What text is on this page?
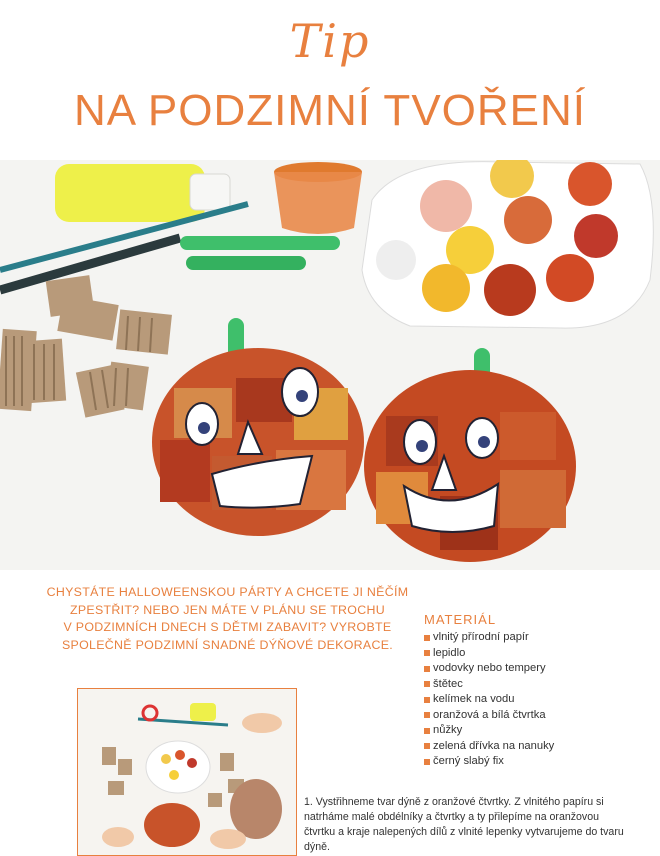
Tip
NA PODZIMNÍ TVOŘENÍ

CHYSTÁTE HALLOWEENSKOU PÁRTY A CHCETE JI NĚČÍM

ZPESTŘIT? NEBO JEN MÁTE V PLÁNU SE TROCHU

V PODZIMNÍCH DNECH S DĚTMI ZABAVIT? VYROBTE

SPOLEČNĚ PODZIMNÍ SNADNÉ DÝŇOVÉ DEKORACE.

MATERIÁL
vlnitý přírodní papír
lepidlo
vodovky nebo tempery
štětec
kelímek na vodu
oranžová a bílá čtvrtka
nůžky
zelená dřívka na nanuky
černý slabý fix

1. Vystřihneme tvar dýně z oranžové čtvrtky. Z vlnitého papíru si natrháme malé obdélníky a čtvrtky a ty přilepíme na oranžovou čtvrtku a kraje nalepených dílů z vlnité lepenky vytvarujeme do tvaru dýně.
